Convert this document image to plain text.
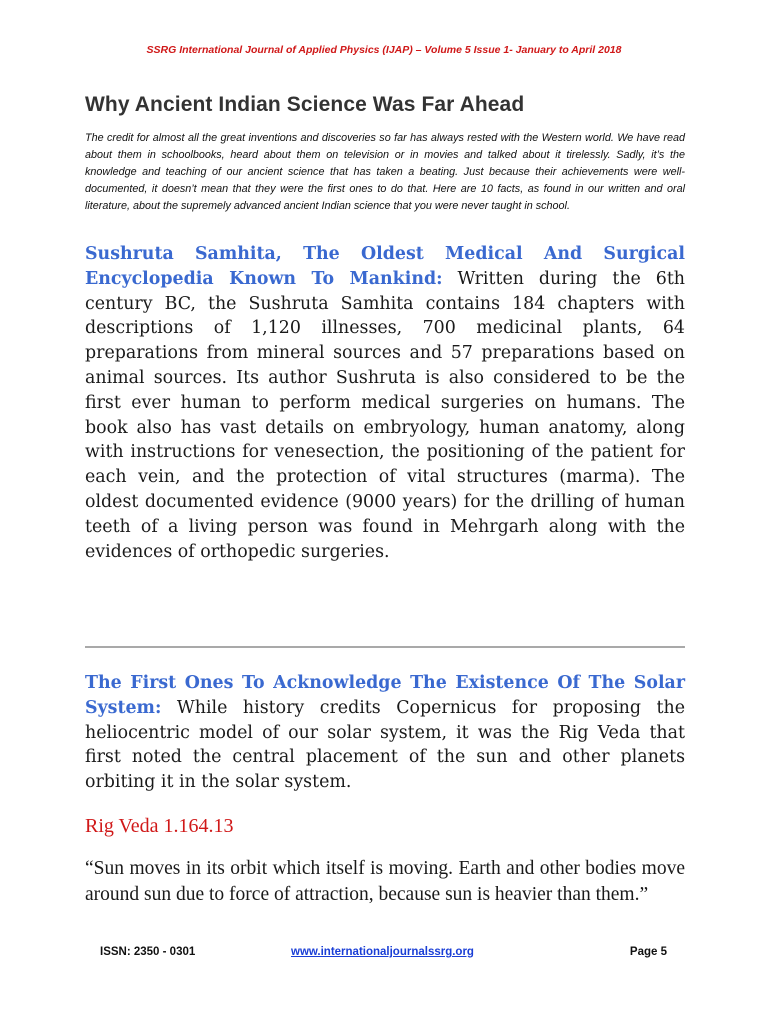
SSRG International Journal of Applied Physics (IJAP) – Volume 5 Issue 1- January to April 2018
Why Ancient Indian Science Was Far Ahead
The credit for almost all the great inventions and discoveries so far has always rested with the Western world. We have read about them in schoolbooks, heard about them on television or in movies and talked about it tirelessly. Sadly, it’s the knowledge and teaching of our ancient science that has taken a beating. Just because their achievements were well-documented, it doesn’t mean that they were the first ones to do that. Here are 10 facts, as found in our written and oral literature, about the supremely advanced ancient Indian science that you were never taught in school.

Sushruta Samhita, The Oldest Medical And Surgical Encyclopedia Known To Mankind: Written during the 6th century BC, the Sushruta Samhita contains 184 chapters with descriptions of 1,120 illnesses, 700 medicinal plants, 64 preparations from mineral sources and 57 preparations based on animal sources. Its author Sushruta is also considered to be the first ever human to perform medical surgeries on humans. The book also has vast details on embryology, human anatomy, along with instructions for venesection, the positioning of the patient for each vein, and the protection of vital structures (marma). The oldest documented evidence (9000 years) for the drilling of human teeth of a living person was found in Mehrgarh along with the evidences of orthopedic surgeries.

The First Ones To Acknowledge The Existence Of The Solar System: While history credits Copernicus for proposing the heliocentric model of our solar system, it was the Rig Veda that first noted the central placement of the sun and other planets orbiting it in the solar system.

Rig Veda 1.164.13

“Sun moves in its orbit which itself is moving. Earth and other bodies move around sun due to force of attraction, because sun is heavier than them.”

ISSN: 2350 - 0301	www.internationaljournalssrg.org	Page 5
